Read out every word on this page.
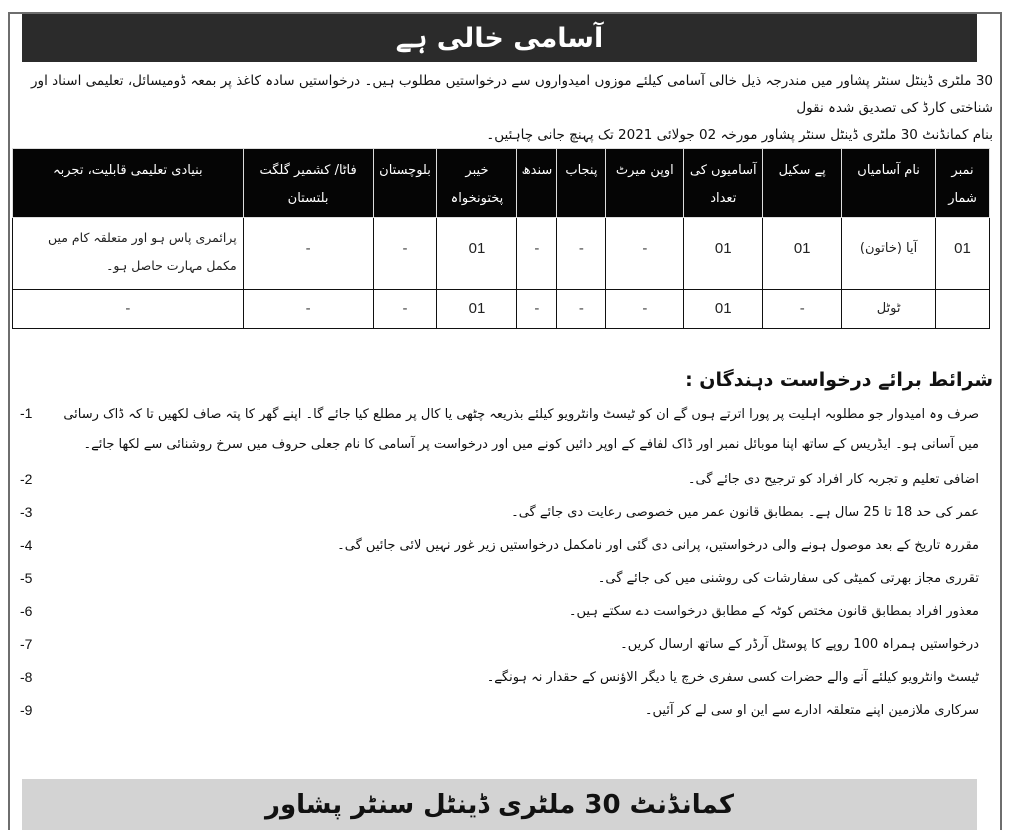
آسامی خالی ہے
30 ملٹری ڈینٹل سنٹر پشاور میں مندرجہ ذیل خالی آسامی کیلئے موزوں امیدواروں سے درخواستیں مطلوب ہیں۔ درخواستیں سادہ کاغذ پر بمعہ ڈومیسائل، تعلیمی اسناد اور شناختی کارڈ کی تصدیق شدہ نقول
بنام کمانڈنٹ 30 ملٹری ڈینٹل سنٹر پشاور مورخہ 02 جولائی 2021 تک پہنچ جانی چاہئیں۔
نمبر شمار	نام آسامیاں	پے سکیل	آسامیوں کی تعداد	اوپن میرٹ	پنجاب	سندھ	خیبر پختونخواہ	بلوچستان	فاٹا/ کشمیر گلگت بلتستان	بنیادی تعلیمی قابلیت، تجربہ
01	آیا (خاتون)	01	01	-	-	-	01	-	-	پرائمری پاس ہو اور متعلقہ کام میں مکمل مہارت حاصل ہو۔
	ٹوٹل	-	01	-	-	-	01	-	-	-
شرائط برائے درخواست دہندگان :
صرف وہ امیدوار جو مطلوبہ اہلیت پر پورا اترتے ہوں گے ان کو ٹیسٹ وانٹرویو کیلئے بذریعہ چٹھی یا کال پر مطلع کیا جائے گا۔ اپنے گھر کا پتہ صاف لکھیں تا کہ ڈاک رسائی میں آسانی ہو۔ ایڈریس کے ساتھ اپنا موبائل نمبر اور ڈاک لفافے کے اوپر دائیں کونے میں اور درخواست پر آسامی کا نام جعلی حروف میں سرخ روشنائی سے لکھا جائے۔
-1
اضافی تعلیم و تجربہ کار افراد کو ترجیح دی جائے گی۔
-2
عمر کی حد 18 تا 25 سال ہے۔ بمطابق قانون عمر میں خصوصی رعایت دی جائے گی۔
-3
مقررہ تاریخ کے بعد موصول ہونے والی درخواستیں، پرانی دی گئی اور نامکمل درخواستیں زیر غور نہیں لائی جائیں گی۔
-4
تقرری مجاز بھرتی کمیٹی کی سفارشات کی روشنی میں کی جائے گی۔
-5
معذور افراد بمطابق قانون مختص کوٹہ کے مطابق درخواست دے سکتے ہیں۔
-6
درخواستیں ہمراہ 100 روپے کا پوسٹل آرڈر کے ساتھ ارسال کریں۔
-7
ٹیسٹ وانٹرویو کیلئے آنے والے حضرات کسی سفری خرچ یا دیگر الاؤنس کے حقدار نہ ہونگے۔
-8
سرکاری ملازمین اپنے متعلقہ ادارے سے این او سی لے کر آئیں۔
-9
کمانڈنٹ 30 ملٹری ڈینٹل سنٹر پشاور
